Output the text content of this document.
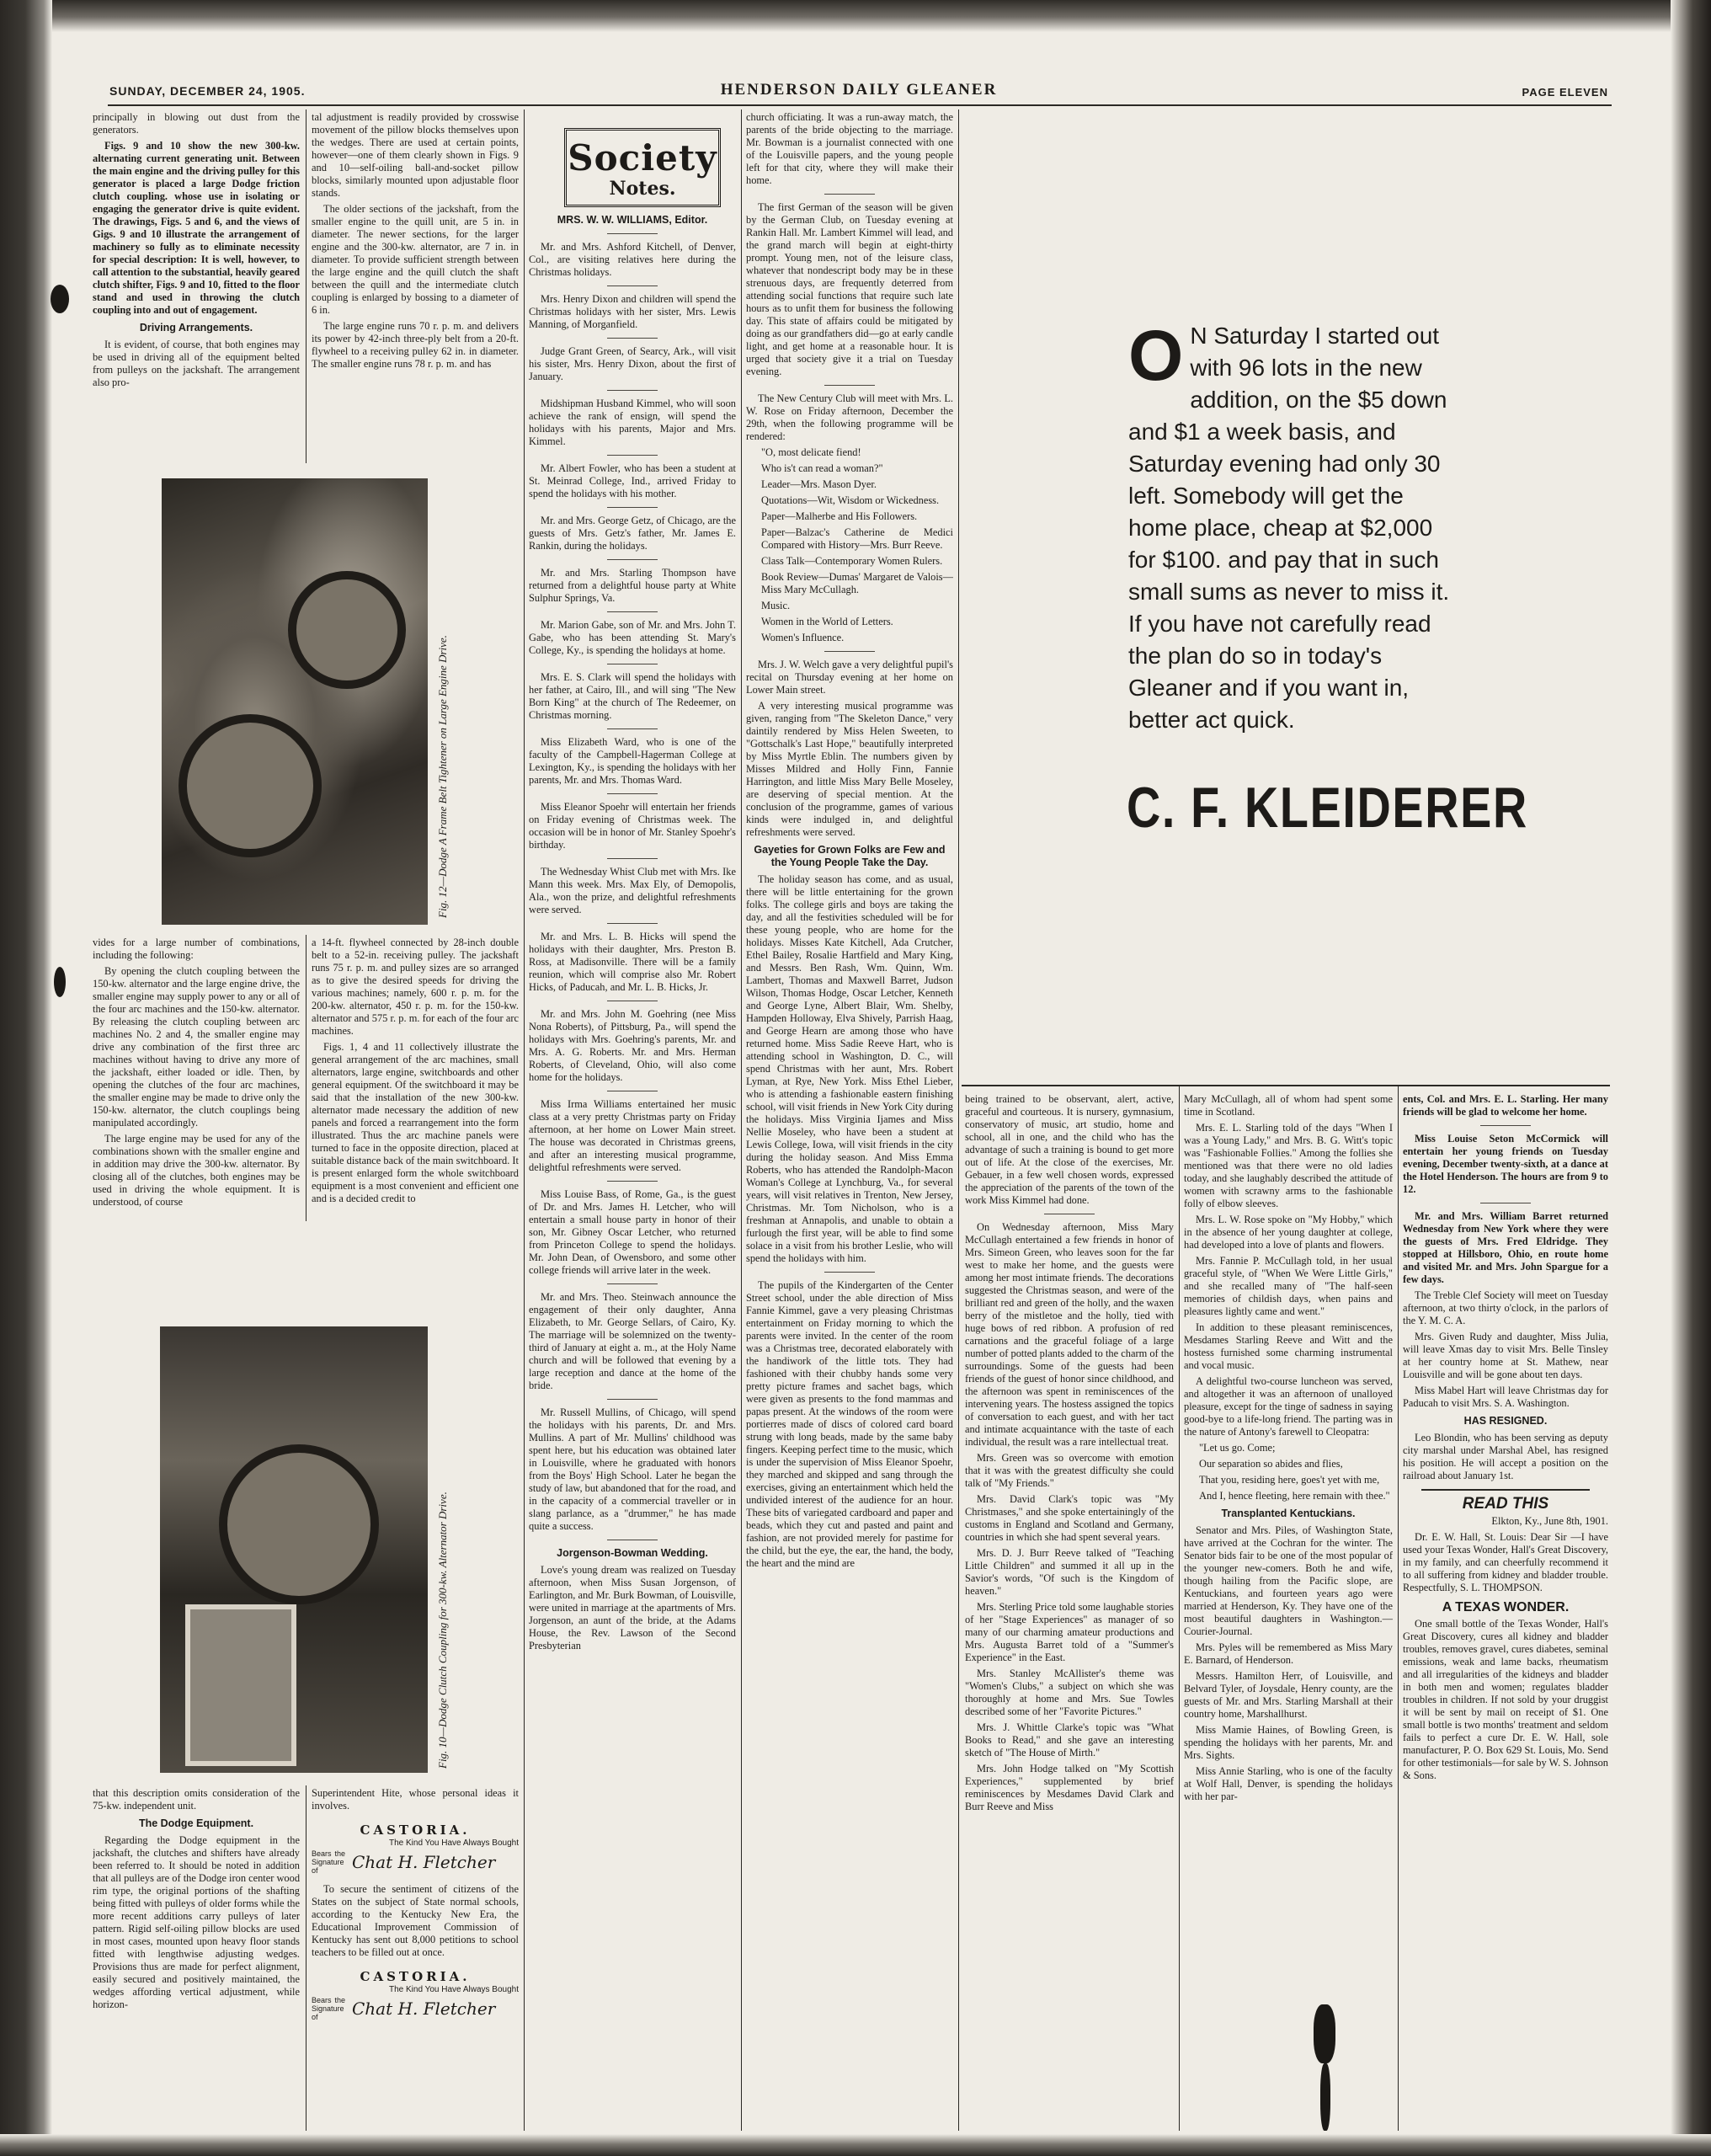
SUNDAY, DECEMBER 24, 1905.	HENDERSON DAILY GLEANER	PAGE ELEVEN

principally in blowing out dust from the generators.

Figs. 9 and 10 show the new 300-kw. alternating current generating unit. Between the main engine and the driving pulley for this generator is placed a large Dodge friction clutch coupling. whose use in isolating or engaging the generator drive is quite evident. The drawings, Figs. 5 and 6, and the views of Gigs. 9 and 10 illustrate the arrangement of machinery so fully as to eliminate necessity for special description: It is well, however, to call attention to the substantial, heavily geared clutch shifter, Figs. 9 and 10, fitted to the floor stand and used in throwing the clutch coupling into and out of engagement.

Driving Arrangements.

It is evident, of course, that both engines may be used in driving all of the equipment belted from pulleys on the jackshaft. The arrangement also pro-

tal adjustment is readily provided by crosswise movement of the pillow blocks themselves upon the wedges. There are used at certain points, however—one of them clearly shown in Figs. 9 and 10—self-oiling ball-and-socket pillow blocks, similarly mounted upon adjustable floor stands.

The older sections of the jackshaft, from the smaller engine to the quill unit, are 5 in. in diameter. The newer sections, for the larger engine and the 300-kw. alternator, are 7 in. in diameter. To provide sufficient strength between the large engine and the quill clutch the shaft between the quill and the intermediate clutch coupling is enlarged by bossing to a diameter of 6 in.

The large engine runs 70 r. p. m. and delivers its power by 42-inch three-ply belt from a 20-ft. flywheel to a receiving pulley 62 in. in diameter. The smaller engine runs 78 r. p. m. and has

Fig. 12—Dodge A Frame Belt Tightener on Large Engine Drive.

vides for a large number of combinations, including the following:

By opening the clutch coupling between the 150-kw. alternator and the large engine drive, the smaller engine may supply power to any or all of the four arc machines and the 150-kw. alternator. By releasing the clutch coupling between arc machines No. 2 and 4, the smaller engine may drive any combination of the first three arc machines without having to drive any more of the jackshaft, either loaded or idle. Then, by opening the clutches of the four arc machines, the smaller engine may be made to drive only the 150-kw. alternator, the clutch couplings being manipulated accordingly.

The large engine may be used for any of the combinations shown with the smaller engine and in addition may drive the 300-kw. alternator. By closing all of the clutches, both engines may be used in driving the whole equipment. It is understood, of course

a 14-ft. flywheel connected by 28-inch double belt to a 52-in. receiving pulley. The jackshaft runs 75 r. p. m. and pulley sizes are so arranged as to give the desired speeds for driving the various machines; namely, 600 r. p. m. for the 200-kw. alternator, 450 r. p. m. for the 150-kw. alternator and 575 r. p. m. for each of the four arc machines.

Figs. 1, 4 and 11 collectively illustrate the general arrangement of the arc machines, small alternators, large engine, switchboards and other general equipment. Of the switchboard it may be said that the installation of the new 300-kw. alternator made necessary the addition of new panels and forced a rearrangement into the form illustrated. Thus the arc machine panels were turned to face in the opposite direction, placed at suitable distance back of the main switchboard. It is present enlarged form the whole switchboard equipment is a most convenient and efficient one and is a decided credit to

Fig. 10—Dodge Clutch Coupling for 300-kw. Alternator Drive.

that this description omits consideration of the 75-kw. independent unit.

The Dodge Equipment.

Regarding the Dodge equipment in the jackshaft, the clutches and shifters have already been referred to. It should be noted in addition that all pulleys are of the Dodge iron center wood rim type, the original portions of the shafting being fitted with pulleys of older forms while the more recent additions carry pulleys of later pattern. Rigid self-oiling pillow blocks are used in most cases, mounted upon heavy floor stands fitted with lengthwise adjusting wedges. Provisions thus are made for perfect alignment, easily secured and positively maintained, the wedges affording vertical adjustment, while horizon-

Superintendent Hite, whose personal ideas it involves.

CASTORIA.
The Kind You Have Always Bought
Bears the Signature of	Chat H. Fletcher

To secure the sentiment of citizens of the States on the subject of State normal schools, according to the Kentucky New Era, the Educational Improvement Commission of Kentucky has sent out 8,000 petitions to school teachers to be filled out at once.

CASTORIA.
The Kind You Have Always Bought
Bears the Signature of	Chat H. Fletcher
Society
Notes.
MRS. W. W. WILLIAMS, Editor.

Mr. and Mrs. Ashford Kitchell, of Denver, Col., are visiting relatives here during the Christmas holidays.

Mrs. Henry Dixon and children will spend the Christmas holidays with her sister, Mrs. Lewis Manning, of Morganfield.

Judge Grant Green, of Searcy, Ark., will visit his sister, Mrs. Henry Dixon, about the first of January.

Midshipman Husband Kimmel, who will soon achieve the rank of ensign, will spend the holidays with his parents, Major and Mrs. Kimmel.

Mr. Albert Fowler, who has been a student at St. Meinrad College, Ind., arrived Friday to spend the holidays with his mother.

Mr. and Mrs. George Getz, of Chicago, are the guests of Mrs. Getz's father, Mr. James E. Rankin, during the holidays.

Mr. and Mrs. Starling Thompson have returned from a delightful house party at White Sulphur Springs, Va.

Mr. Marion Gabe, son of Mr. and Mrs. John T. Gabe, who has been attending St. Mary's College, Ky., is spending the holidays at home.

Mrs. E. S. Clark will spend the holidays with her father, at Cairo, Ill., and will sing "The New Born King" at the church of The Redeemer, on Christmas morning.

Miss Elizabeth Ward, who is one of the faculty of the Campbell-Hagerman College at Lexington, Ky., is spending the holidays with her parents, Mr. and Mrs. Thomas Ward.

Miss Eleanor Spoehr will entertain her friends on Friday evening of Christmas week. The occasion will be in honor of Mr. Stanley Spoehr's birthday.

The Wednesday Whist Club met with Mrs. Ike Mann this week. Mrs. Max Ely, of Demopolis, Ala., won the prize, and delightful refreshments were served.

Mr. and Mrs. L. B. Hicks will spend the holidays with their daughter, Mrs. Preston B. Ross, at Madisonville. There will be a family reunion, which will comprise also Mr. Robert Hicks, of Paducah, and Mr. L. B. Hicks, Jr.

Mr. and Mrs. John M. Goehring (nee Miss Nona Roberts), of Pittsburg, Pa., will spend the holidays with Mrs. Goehring's parents, Mr. and Mrs. A. G. Roberts. Mr. and Mrs. Herman Roberts, of Cleveland, Ohio, will also come home for the holidays.

Miss Irma Williams entertained her music class at a very pretty Christmas party on Friday afternoon, at her home on Lower Main street. The house was decorated in Christmas greens, and after an interesting musical programme, delightful refreshments were served.

Miss Louise Bass, of Rome, Ga., is the guest of Dr. and Mrs. James H. Letcher, who will entertain a small house party in honor of their son, Mr. Gibney Oscar Letcher, who returned from Princeton College to spend the holidays. Mr. John Dean, of Owensboro, and some other college friends will arrive later in the week.

Mr. and Mrs. Theo. Steinwach announce the engagement of their only daughter, Anna Elizabeth, to Mr. George Sellars, of Cairo, Ky. The marriage will be solemnized on the twenty-third of January at eight a. m., at the Holy Name church and will be followed that evening by a large reception and dance at the home of the bride.

Mr. Russell Mullins, of Chicago, will spend the holidays with his parents, Dr. and Mrs. Mullins. A part of Mr. Mullins' childhood was spent here, but his education was obtained later in Louisville, where he graduated with honors from the Boys' High School. Later he began the study of law, but abandoned that for the road, and in the capacity of a commercial traveller or in slang parlance, as a "drummer," he has made quite a success.

Jorgenson-Bowman Wedding.

Love's young dream was realized on Tuesday afternoon, when Miss Susan Jorgenson, of Earlington, and Mr. Burk Bowman, of Louisville, were united in marriage at the apartments of Mrs. Jorgenson, an aunt of the bride, at the Adams House, the Rev. Lawson of the Second Presbyterian

church officiating. It was a run-away match, the parents of the bride objecting to the marriage. Mr. Bowman is a journalist connected with one of the Louisville papers, and the young people left for that city, where they will make their home.

The first German of the season will be given by the German Club, on Tuesday evening at Rankin Hall. Mr. Lambert Kimmel will lead, and the grand march will begin at eight-thirty prompt. Young men, not of the leisure class, whatever that nondescript body may be in these strenuous days, are frequently deterred from attending social functions that require such late hours as to unfit them for business the following day. This state of affairs could be mitigated by doing as our grandfathers did—go at early candle light, and get home at a reasonable hour. It is urged that society give it a trial on Tuesday evening.

The New Century Club will meet with Mrs. L. W. Rose on Friday afternoon, December the 29th, when the following programme will be rendered:

"O, most delicate fiend!

Who is't can read a woman?"

Leader—Mrs. Mason Dyer.

Quotations—Wit, Wisdom or Wickedness.

Paper—Malherbe and His Followers.

Paper—Balzac's Catherine de Medici Compared with History—Mrs. Burr Reeve.

Class Talk—Contemporary Women Rulers.

Book Review—Dumas' Margaret de Valois—Miss Mary McCullagh.

Music.

Women in the World of Letters.

Women's Influence.

Mrs. J. W. Welch gave a very delightful pupil's recital on Thursday evening at her home on Lower Main street.

A very interesting musical programme was given, ranging from "The Skeleton Dance," very daintily rendered by Miss Helen Sweeten, to "Gottschalk's Last Hope," beautifully interpreted by Miss Myrtle Eblin. The numbers given by Misses Mildred and Holly Finn, Fannie Harrington, and little Miss Mary Belle Moseley, are deserving of special mention. At the conclusion of the programme, games of various kinds were indulged in, and delightful refreshments were served.

Gayeties for Grown Folks are Few and the Young People Take the Day.

The holiday season has come, and as usual, there will be little entertaining for the grown folks. The college girls and boys are taking the day, and all the festivities scheduled will be for these young people, who are home for the holidays. Misses Kate Kitchell, Ada Crutcher, Ethel Bailey, Rosalie Hartfield and Mary King, and Messrs. Ben Rash, Wm. Quinn, Wm. Lambert, Thomas and Maxwell Barret, Judson Wilson, Thomas Hodge, Oscar Letcher, Kenneth and George Lyne, Albert Blair, Wm. Shelby, Hampden Holloway, Elva Shively, Parrish Haag, and George Hearn are among those who have returned home. Miss Sadie Reeve Hart, who is attending school in Washington, D. C., will spend Christmas with her aunt, Mrs. Robert Lyman, at Rye, New York. Miss Ethel Lieber, who is attending a fashionable eastern finishing school, will visit friends in New York City during the holidays. Miss Virginia Ijames and Miss Nellie Moseley, who have been a student at Lewis College, Iowa, will visit friends in the city during the holiday season. And Miss Emma Roberts, who has attended the Randolph-Macon Woman's College at Lynchburg, Va., for several years, will visit relatives in Trenton, New Jersey, Christmas. Mr. Tom Nicholson, who is a freshman at Annapolis, and unable to obtain a furlough the first year, will be able to find some solace in a visit from his brother Leslie, who will spend the holidays with him.

The pupils of the Kindergarten of the Center Street school, under the able direction of Miss Fannie Kimmel, gave a very pleasing Christmas entertainment on Friday morning to which the parents were invited. In the center of the room was a Christmas tree, decorated elaborately with the handiwork of the little tots. They had fashioned with their chubby hands some very pretty picture frames and sachet bags, which were given as presents to the fond mammas and papas present. At the windows of the room were portierres made of discs of colored card board strung with long beads, made by the same baby fingers. Keeping perfect time to the music, which is under the supervision of Miss Eleanor Spoehr, they marched and skipped and sang through the exercises, giving an entertainment which held the undivided interest of the audience for an hour. These bits of variegated cardboard and paper and beads, which they cut and pasted and paint and fashion, are not provided merely for pastime for the child, but the eye, the ear, the hand, the body, the heart and the mind are

O N Saturday I started out with 96 lots in the new addition, on the $5 down and $1 a week basis, and Saturday evening had only 30 left. Somebody will get the home place, cheap at $2,000 for $100. and pay that in such small sums as never to miss it. If you have not carefully read the plan do so in today's Gleaner and if you want in, better act quick.
C. F. KLEIDERER

being trained to be observant, alert, active, graceful and courteous. It is nursery, gymnasium, conservatory of music, art studio, home and school, all in one, and the child who has the advantage of such a training is bound to get more out of life. At the close of the exercises, Mr. Gebauer, in a few well chosen words, expressed the appreciation of the parents of the town of the work Miss Kimmel had done.

On Wednesday afternoon, Miss Mary McCullagh entertained a few friends in honor of Mrs. Simeon Green, who leaves soon for the far west to make her home, and the guests were among her most intimate friends. The decorations suggested the Christmas season, and were of the brilliant red and green of the holly, and the waxen berry of the mistletoe and the holly, tied with huge bows of red ribbon. A profusion of red carnations and the graceful foliage of a large number of potted plants added to the charm of the surroundings. Some of the guests had been friends of the guest of honor since childhood, and the afternoon was spent in reminiscences of the intervening years. The hostess assigned the topics of conversation to each guest, and with her tact and intimate acquaintance with the taste of each individual, the result was a rare intellectual treat.

Mrs. Green was so overcome with emotion that it was with the greatest difficulty she could talk of "My Friends."

Mrs. David Clark's topic was "My Christmases," and she spoke entertainingly of the customs in England and Scotland and Germany, countries in which she had spent several years.

Mrs. D. J. Burr Reeve talked of "Teaching Little Children" and summed it all up in the Savior's words, "Of such is the Kingdom of heaven."

Mrs. Sterling Price told some laughable stories of her "Stage Experiences" as manager of so many of our charming amateur productions and Mrs. Augusta Barret told of a "Summer's Experience" in the East.

Mrs. Stanley McAllister's theme was "Women's Clubs," a subject on which she was thoroughly at home and Mrs. Sue Towles described some of her "Favorite Pictures."

Mrs. J. Whittle Clarke's topic was "What Books to Read," and she gave an interesting sketch of "The House of Mirth."

Mrs. John Hodge talked on "My Scottish Experiences," supplemented by brief reminiscences by Mesdames David Clark and Burr Reeve and Miss

Mary McCullagh, all of whom had spent some time in Scotland.

Mrs. E. L. Starling told of the days "When I was a Young Lady," and Mrs. B. G. Witt's topic was "Fashionable Follies." Among the follies she mentioned was that there were no old ladies today, and she laughably described the attitude of women with scrawny arms to the fashionable folly of elbow sleeves.

Mrs. L. W. Rose spoke on "My Hobby," which in the absence of her young daughter at college, had developed into a love of plants and flowers.

Mrs. Fannie P. McCullagh told, in her usual graceful style, of "When We Were Little Girls," and she recalled many of "The half-seen memories of childish days, when pains and pleasures lightly came and went."

In addition to these pleasant reminiscences, Mesdames Starling Reeve and Witt and the hostess furnished some charming instrumental and vocal music.

A delightful two-course luncheon was served, and altogether it was an afternoon of unalloyed pleasure, except for the tinge of sadness in saying good-bye to a life-long friend. The parting was in the nature of Antony's farewell to Cleopatra:

"Let us go. Come;

Our separation so abides and flies,

That you, residing here, goes't yet with me,

And I, hence fleeting, here remain with thee."

Transplanted Kentuckians.

Senator and Mrs. Piles, of Washington State, have arrived at the Cochran for the winter. The Senator bids fair to be one of the most popular of the younger new-comers. Both he and wife, though hailing from the Pacific slope, are Kentuckians, and fourteen years ago were married at Henderson, Ky. They have one of the most beautiful daughters in Washington.—Courier-Journal.

Mrs. Pyles will be remembered as Miss Mary E. Barnard, of Henderson.

Messrs. Hamilton Herr, of Louisville, and Belvard Tyler, of Joysdale, Henry county, are the guests of Mr. and Mrs. Starling Marshall at their country home, Marshallhurst.

Miss Mamie Haines, of Bowling Green, is spending the holidays with her parents, Mr. and Mrs. Sights.

Miss Annie Starling, who is one of the faculty at Wolf Hall, Denver, is spending the holidays with her par-

ents, Col. and Mrs. E. L. Starling. Her many friends will be glad to welcome her home.

Miss Louise Seton McCormick will entertain her young friends on Tuesday evening, December twenty-sixth, at a dance at the Hotel Henderson. The hours are from 9 to 12.

Mr. and Mrs. William Barret returned Wednesday from New York where they were the guests of Mrs. Fred Eldridge. They stopped at Hillsboro, Ohio, en route home and visited Mr. and Mrs. John Spargue for a few days.

The Treble Clef Society will meet on Tuesday afternoon, at two thirty o'clock, in the parlors of the Y. M. C. A.

Mrs. Given Rudy and daughter, Miss Julia, will leave Xmas day to visit Mrs. Belle Tinsley at her country home at St. Mathew, near Louisville and will be gone about ten days.

Miss Mabel Hart will leave Christmas day for Paducah to visit Mrs. S. A. Washington.

HAS RESIGNED.

Leo Blondin, who has been serving as deputy city marshal under Marshal Abel, has resigned his position. He will accept a position on the railroad about January 1st.

READ THIS

Elkton, Ky., June 8th, 1901.

Dr. E. W. Hall, St. Louis: Dear Sir —I have used your Texas Wonder, Hall's Great Discovery, in my family, and can cheerfully recommend it to all suffering from kidney and bladder trouble. Respectfully, S. L. THOMPSON.

A TEXAS WONDER.

One small bottle of the Texas Wonder, Hall's Great Discovery, cures all kidney and bladder troubles, removes gravel, cures diabetes, seminal emissions, weak and lame backs, rheumatism and all irregularities of the kidneys and bladder in both men and women; regulates bladder troubles in children. If not sold by your druggist it will be sent by mail on receipt of $1. One small bottle is two months' treatment and seldom fails to perfect a cure Dr. E. W. Hall, sole manufacturer, P. O. Box 629 St. Louis, Mo. Send for other testimonials—for sale by W. S. Johnson & Sons.
